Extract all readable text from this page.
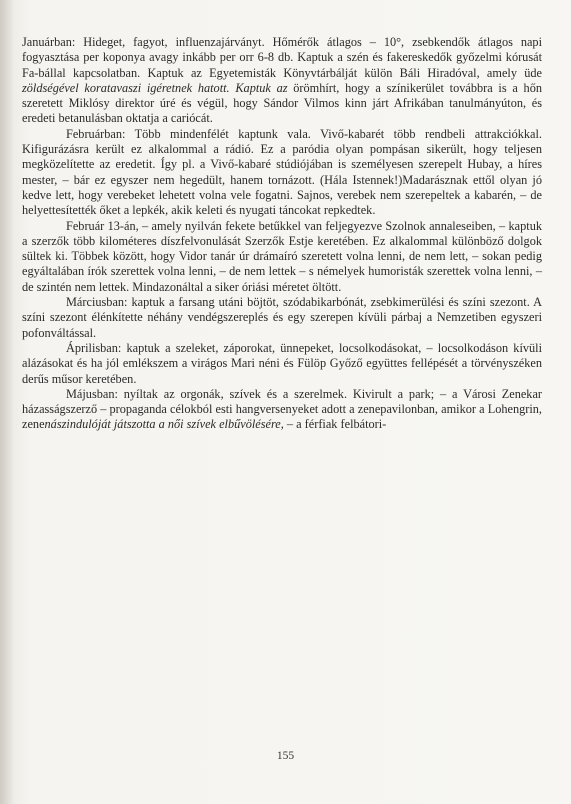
Januárban: Hideget, fagyot, influenzajárványt. Hőmérők átlagos – 10°, zsebkendők átlagos napi fogyasztása per koponya avagy inkább per orr 6-8 db. Kaptuk a szén és fakereskedők győzelmi kórusát Fa-bállal kapcsolatban. Kaptuk az Egyetemisták Könyvtárbálját külön Báli Hiradóval, amely üde zöldségével koratavaszi igéretnek hatott. Kaptuk az örömhírt, hogy a színikerület továbbra is a hőn szeretett Miklósy direktor úré és végül, hogy Sándor Vilmos kinn járt Afrikában tanulmányúton, és eredeti betanulásban oktatja a cariócát.

Februárban: Több mindenfélét kaptunk vala. Vivő-kabarét több rendbeli attrakciókkal. Kifigurázásra került ez alkalommal a rádió. Ez a paródia olyan pompásan sikerült, hogy teljesen megközelítette az eredetit. Így pl. a Vivő-kabaré stúdiójában is személyesen szerepelt Hubay, a híres mester, – bár ez egyszer nem hegedült, hanem tornázott. (Hála Istennek!)Madarásznak ettől olyan jó kedve lett, hogy verebeket lehetett volna vele fogatni. Sajnos, verebek nem szerepeltek a kabarén, – de helyettesítették őket a lepkék, akik keleti és nyugati táncokat repkedtek.

Február 13-án, – amely nyilván fekete betűkkel van feljegyezve Szolnok annaleseiben, – kaptuk a szerzők több kilométeres díszfelvonulását Szerzők Estje keretében. Ez alkalommal különböző dolgok sültek ki. Többek között, hogy Vidor tanár úr drámaíró szeretett volna lenni, de nem lett, – sokan pedig egyáltalában írók szerettek volna lenni, – de nem lettek – s némelyek humoristák szerettek volna lenni, – de szintén nem lettek. Mindazonáltal a siker óriási méretet öltött.

Márciusban: kaptuk a farsang utáni böjtöt, szódabikarbónát, zsebkimerülési és színi szezont. A színi szezont élénkítette néhány vendégszereplés és egy szerepen kívüli párbaj a Nemzetiben egyszeri pofonváltással.

Áprilisban: kaptuk a szeleket, záporokat, ünnepeket, locsolkodásokat, – locsolkodáson kívüli alázásokat és ha jól emlékszem a virágos Mari néni és Fülöp Győző együttes fellépését a törvényszéken derűs műsor keretében.

Májusban: nyíltak az orgonák, szívek és a szerelmek. Kivirult a park; – a Városi Zenekar házasságszerző – propaganda célokból esti hangversenyeket adott a zenepavilonban, amikor a Lohengrin, zenenászindulóját játszotta a női szívek elbűvölésére, – a férfiak felbátori-

155
